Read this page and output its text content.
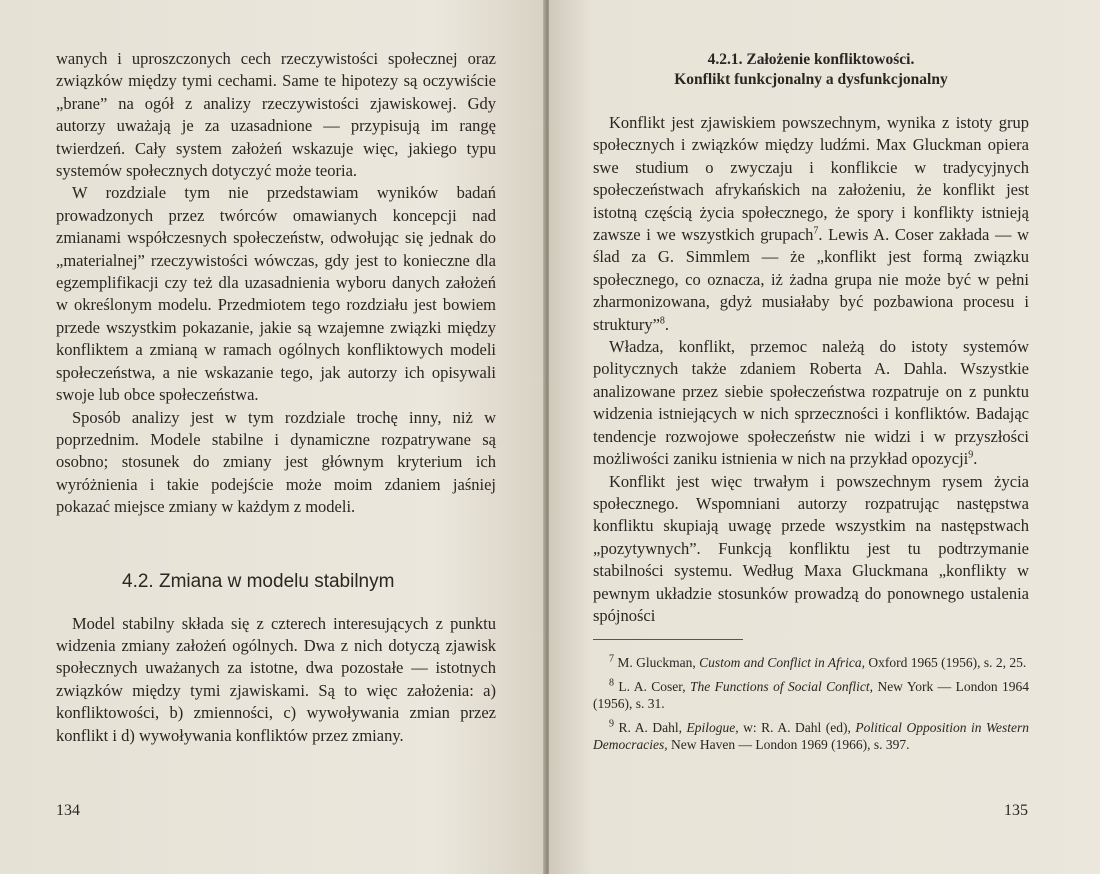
wanych i uproszczonych cech rzeczywistości społecznej oraz związków między tymi cechami. Same te hipotezy są oczywiście „brane” na ogół z analizy rzeczywistości zjawiskowej. Gdy autorzy uważają je za uzasadnione — przypisują im rangę twierdzeń. Cały system założeń wskazuje więc, jakiego typu systemów społecznych dotyczyć może teoria.

W rozdziale tym nie przedstawiam wyników badań prowadzonych przez twórców omawianych koncepcji nad zmianami współczesnych społeczeństw, odwołując się jednak do „materialnej” rzeczywistości wówczas, gdy jest to konieczne dla egzemplifikacji czy też dla uzasadnienia wyboru danych założeń w określonym modelu. Przedmiotem tego rozdziału jest bowiem przede wszystkim pokazanie, jakie są wzajemne związki między konfliktem a zmianą w ramach ogólnych konfliktowych modeli społeczeństwa, a nie wskazanie tego, jak autorzy ich opisywali swoje lub obce społeczeństwa.

Sposób analizy jest w tym rozdziale trochę inny, niż w poprzednim. Modele stabilne i dynamiczne rozpatrywane są osobno; stosunek do zmiany jest głównym kryterium ich wyróżnienia i takie podejście może moim zdaniem jaśniej pokazać miejsce zmiany w każdym z modeli.

4.2. Zmiana w modelu stabilnym

Model stabilny składa się z czterech interesujących z punktu widzenia zmiany założeń ogólnych. Dwa z nich dotyczą zjawisk społecznych uważanych za istotne, dwa pozostałe — istotnych związków między tymi zjawiskami. Są to więc założenia: a) konfliktowości, b) zmienności, c) wywoływania zmian przez konflikt i d) wywoływania konfliktów przez zmiany.

134
4.2.1. Założenie konfliktowości.
Konflikt funkcjonalny a dysfunkcjonalny

Konflikt jest zjawiskiem powszechnym, wynika z istoty grup społecznych i związków między ludźmi. Max Gluckman opiera swe studium o zwyczaju i konflikcie w tradycyjnych społeczeństwach afrykańskich na założeniu, że konflikt jest istotną częścią życia społecznego, że spory i konflikty istnieją zawsze i we wszystkich grupach$^7$. Lewis A. Coser zakłada — w ślad za G. Simmlem — że „konflikt jest formą związku społecznego, co oznacza, iż żadna grupa nie może być w pełni zharmonizowana, gdyż musiałaby być pozbawiona procesu i struktury”$^8$.

Władza, konflikt, przemoc należą do istoty systemów politycznych także zdaniem Roberta A. Dahla. Wszystkie analizowane przez siebie społeczeństwa rozpatruje on z punktu widzenia istniejących w nich sprzeczności i konfliktów. Badając tendencje rozwojowe społeczeństw nie widzi i w przyszłości możliwości zaniku istnienia w nich na przykład opozycji$^9$.

Konflikt jest więc trwałym i powszechnym rysem życia społecznego. Wspomniani autorzy rozpatrując następstwa konfliktu skupiają uwagę przede wszystkim na następstwach „pozytywnych”. Funkcją konfliktu jest tu podtrzymanie stabilności systemu. Według Maxa Gluckmana „konflikty w pewnym układzie stosunków prowadzą do ponownego ustalenia spójności

$^7$ M. Gluckman, Custom and Conflict in Africa, Oxford 1965 (1956), s. 2, 25.

$^8$ L. A. Coser, The Functions of Social Conflict, New York — London 1964 (1956), s. 31.

$^9$ R. A. Dahl, Epilogue, w: R. A. Dahl (ed), Political Opposition in Western Democracies, New Haven — London 1969 (1966), s. 397.

135
